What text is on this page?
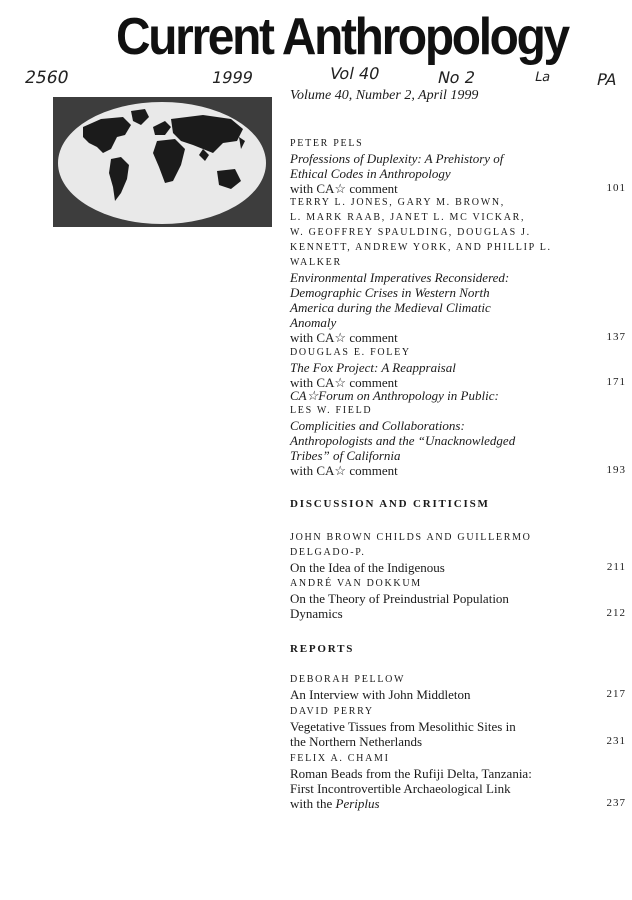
Current Anthropology
2560	1999	Vol 40	No 2	La	PA
Volume 40, Number 2, April 1999
PETER PELS
Professions of Duplexity: A Prehistory of
Ethical Codes in Anthropology
with CA☆ comment	101
TERRY L. JONES, GARY M. BROWN,
L. MARK RAAB, JANET L. MC VICKAR,
W. GEOFFREY SPAULDING, DOUGLAS J.
KENNETT, ANDREW YORK, AND PHILLIP L.
WALKER
Environmental Imperatives Reconsidered:
Demographic Crises in Western North
America during the Medieval Climatic
Anomaly
with CA☆ comment	137
DOUGLAS E. FOLEY
The Fox Project: A Reappraisal
with CA☆ comment	171
CA☆Forum on Anthropology in Public:
LES W. FIELD
Complicities and Collaborations:
Anthropologists and the “Unacknowledged
Tribes” of California
with CA☆ comment	193
DISCUSSION AND CRITICISM
JOHN BROWN CHILDS AND GUILLERMO
DELGADO-P.
On the Idea of the Indigenous	211
ANDRÉ VAN DOKKUM
On the Theory of Preindustrial Population
Dynamics	212
REPORTS
DEBORAH PELLOW
An Interview with John Middleton	217
DAVID PERRY
Vegetative Tissues from Mesolithic Sites in
the Northern Netherlands	231
FELIX A. CHAMI
Roman Beads from the Rufiji Delta, Tanzania:
First Incontrovertible Archaeological Link
with the Periplus	237
